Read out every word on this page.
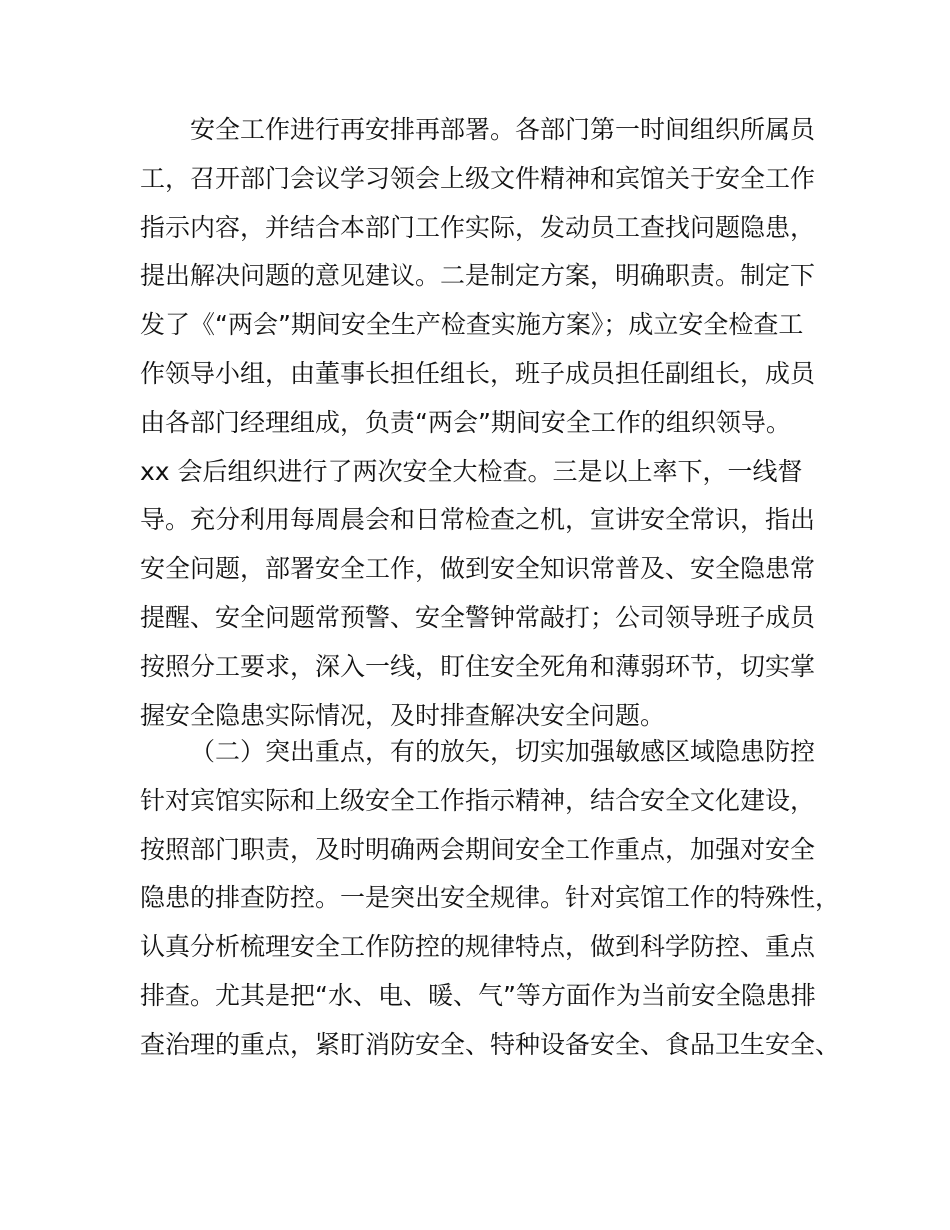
安全工作进行再安排再部署。各部门第一时间组织所属员
工，召开部门会议学习领会上级文件精神和宾馆关于安全工作
指示内容，并结合本部门工作实际，发动员工查找问题隐患，
提出解决问题的意见建议。二是制定方案，明确职责。制定下
发了《“两会”期间安全生产检查实施方案》；成立安全检查工
作领导小组，由董事长担任组长，班子成员担任副组长，成员
由各部门经理组成，负责“两会”期间安全工作的组织领导。
xx 会后组织进行了两次安全大检查。三是以上率下，一线督
导。充分利用每周晨会和日常检查之机，宣讲安全常识，指出
安全问题，部署安全工作，做到安全知识常普及、安全隐患常
提醒、安全问题常预警、安全警钟常敲打；公司领导班子成员
按照分工要求，深入一线，盯住安全死角和薄弱环节，切实掌
握安全隐患实际情况，及时排查解决安全问题。
（二）突出重点，有的放矢，切实加强敏感区域隐患防控
针对宾馆实际和上级安全工作指示精神，结合安全文化建设，
按照部门职责，及时明确两会期间安全工作重点，加强对安全
隐患的排查防控。一是突出安全规律。针对宾馆工作的特殊性，
认真分析梳理安全工作防控的规律特点，做到科学防控、重点
排查。尤其是把“水、电、暖、气”等方面作为当前安全隐患排
查治理的重点，紧盯消防安全、特种设备安全、食品卫生安全、
